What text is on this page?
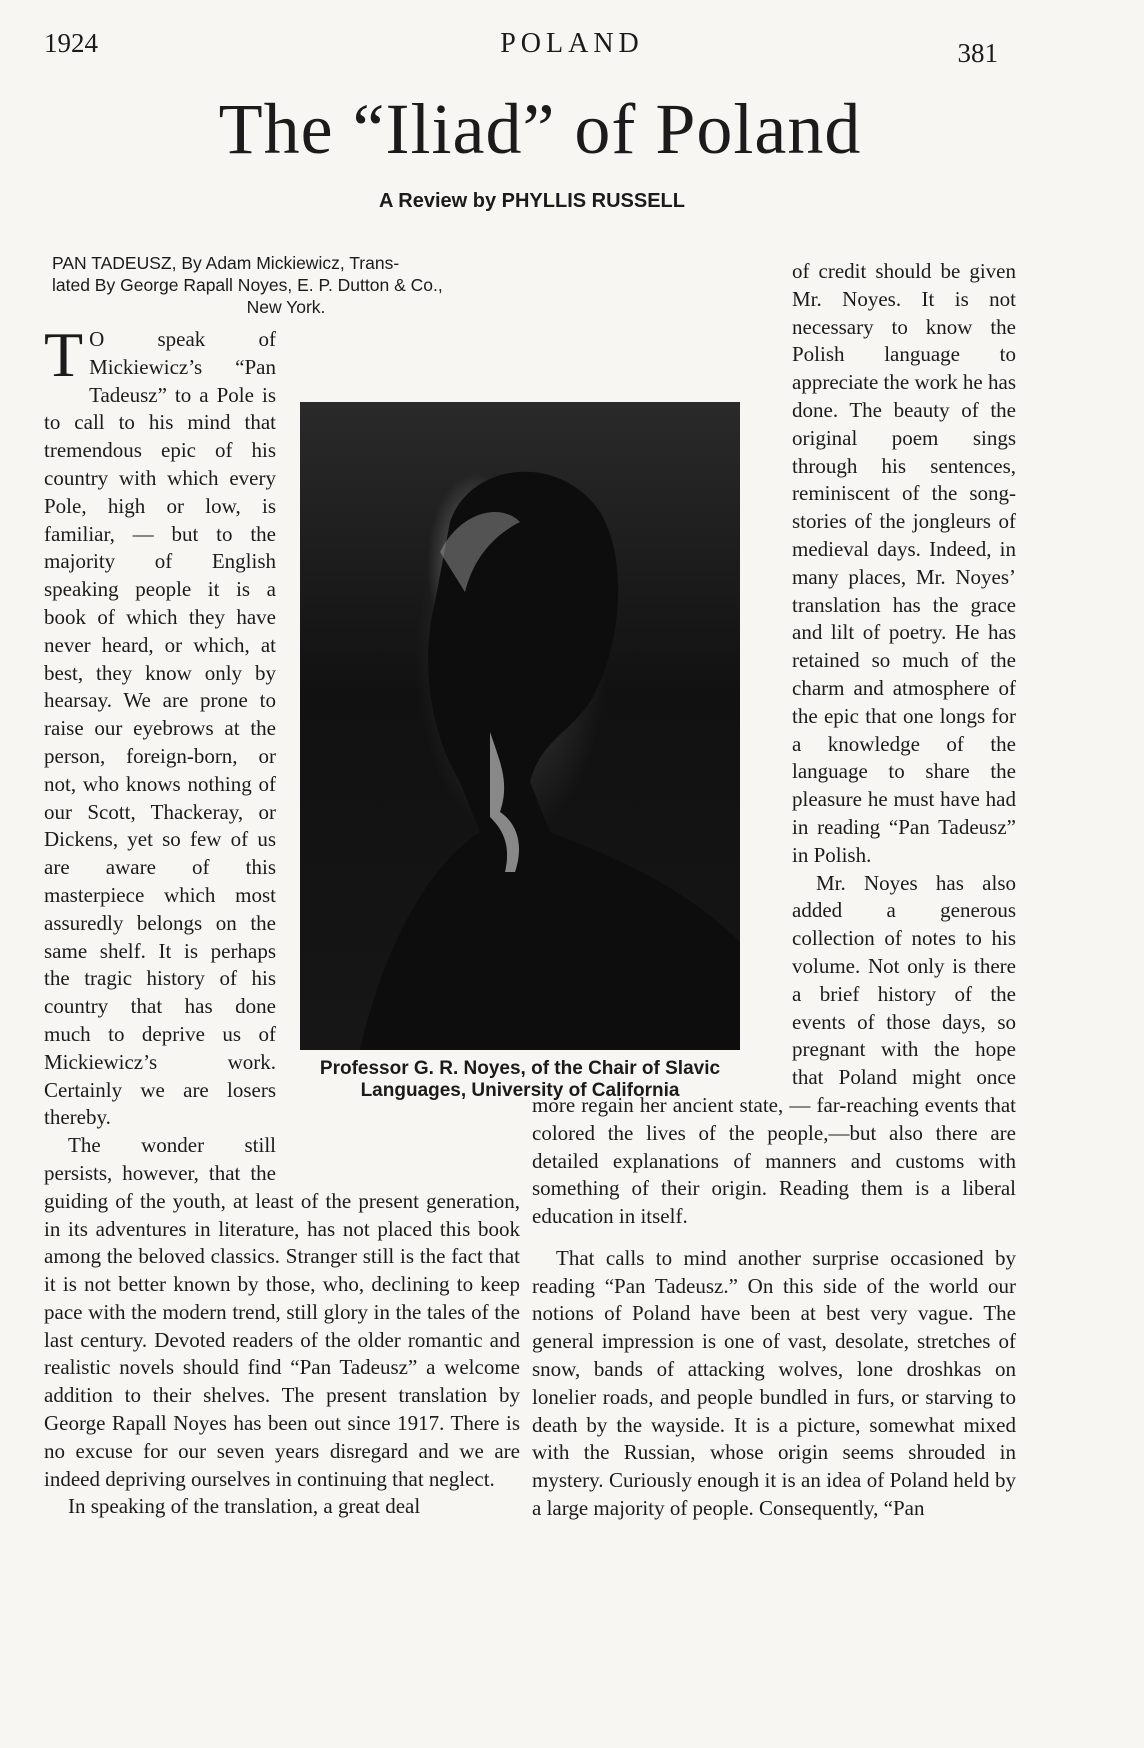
1924	POLAND	381
The “Iliad” of Poland
A Review by PHYLLIS RUSSELL
PAN TADEUSZ, By Adam Mickiewicz, Trans-
lated By George Rapall Noyes, E. P. Dutton & Co.,
New York.

T O speak of Mickiewicz’s “Pan Tadeusz” to a Pole is to call to his mind that tremendous epic of his country with which every Pole, high or low, is familiar, — but to the majority of English speaking people it is a book of which they have never heard, or which, at best, they know only by hearsay. We are prone to raise our eyebrows at the person, foreign-born, or not, who knows nothing of our Scott, Thackeray, or Dickens, yet so few of us are aware of this masterpiece which most assuredly belongs on the same shelf. It is perhaps the tragic history of his country that has done much to deprive us of Mickiewicz’s work. Certainly we are losers thereby.

The wonder still persists, however, that the guiding of the youth, at least of the present generation, in its adventures in literature, has not placed this book among the beloved classics. Stranger still is the fact that it is not better known by those, who, declining to keep pace with the modern trend, still glory in the tales of the last century. Devoted readers of the older romantic and realistic novels should find “Pan Tadeusz” a welcome addition to their shelves. The present translation by George Rapall Noyes has been out since 1917. There is no excuse for our seven years disregard and we are indeed depriving ourselves in continuing that neglect.

In speaking of the translation, a great deal

of credit should be given Mr. Noyes. It is not necessary to know the Polish language to appreciate the work he has done. The beauty of the original poem sings through his sentences, reminiscent of the song-stories of the jongleurs of medieval days. Indeed, in many places, Mr. Noyes’ translation has the grace and lilt of poetry. He has retained so much of the charm and atmosphere of the epic that one longs for a knowledge of the language to share the pleasure he must have had in reading “Pan Tadeusz” in Polish.

Mr. Noyes has also added a generous collection of notes to his volume. Not only is there a brief history of the events of those days, so pregnant with the hope that Poland might once more regain her ancient state, — far-reaching events that colored the lives of the people,—but also there are detailed explanations of manners and customs with something of their origin. Reading them is a liberal education in itself.

That calls to mind another surprise occasioned by reading “Pan Tadeusz.” On this side of the world our notions of Poland have been at best very vague. The general impression is one of vast, desolate, stretches of snow, bands of attacking wolves, lone droshkas on lonelier roads, and people bundled in furs, or starving to death by the wayside. It is a picture, somewhat mixed with the Russian, whose origin seems shrouded in mystery. Curiously enough it is an idea of Poland held by a large majority of people. Consequently, “Pan

Professor G. R. Noyes, of the Chair of Slavic Languages, University of California
